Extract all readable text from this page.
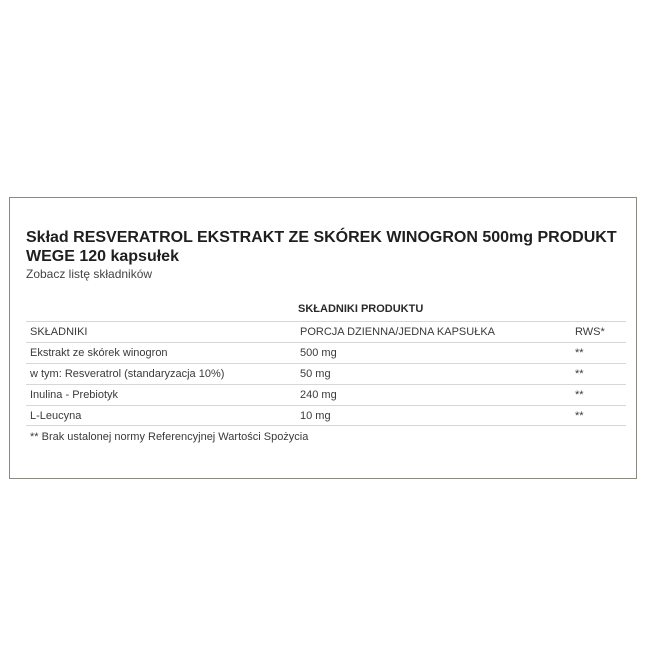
Skład RESVERATROL EKSTRAKT ZE SKÓREK WINOGRON 500mg PRODUKT WEGE 120 kapsułek
Zobacz listę składników
SKŁADNIKI PRODUKTU
SKŁADNIKI	PORCJA DZIENNA/JEDNA KAPSUŁKA	RWS*
Ekstrakt ze skórek winogron	500 mg	**
w tym: Resveratrol (standaryzacja 10%)	50 mg	**
Inulina - Prebiotyk	240 mg	**
L-Leucyna	10 mg	**
** Brak ustalonej normy Referencyjnej Wartości Spożycia
